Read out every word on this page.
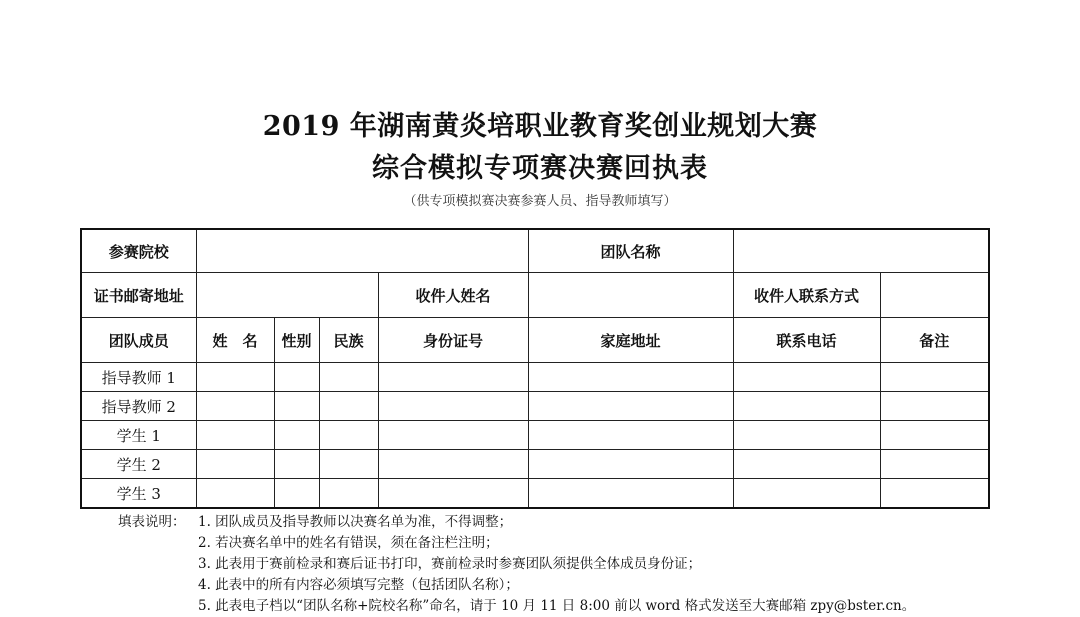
2019 年湖南黄炎培职业教育奖创业规划大赛
综合模拟专项赛决赛回执表
（供专项模拟赛决赛参赛人员、指导教师填写）
参赛院校					团队名称		
证书邮寄地址				收件人姓名		收件人联系方式	
团队成员	姓　名	性别	民族	身份证号	家庭地址	联系电话	备注
指导教师 1							
指导教师 2							
学生 1							
学生 2							
学生 3							
填表说明： 1. 团队成员及指导教师以决赛名单为准，不得调整；
2. 若决赛名单中的姓名有错误，须在备注栏注明；
3. 此表用于赛前检录和赛后证书打印，赛前检录时参赛团队须提供全体成员身份证；
4. 此表中的所有内容必须填写完整（包括团队名称）；
5. 此表电子档以“团队名称+院校名称”命名，请于 10 月 11 日 8:00 前以 word 格式发送至大赛邮箱 zpy@bster.cn。
